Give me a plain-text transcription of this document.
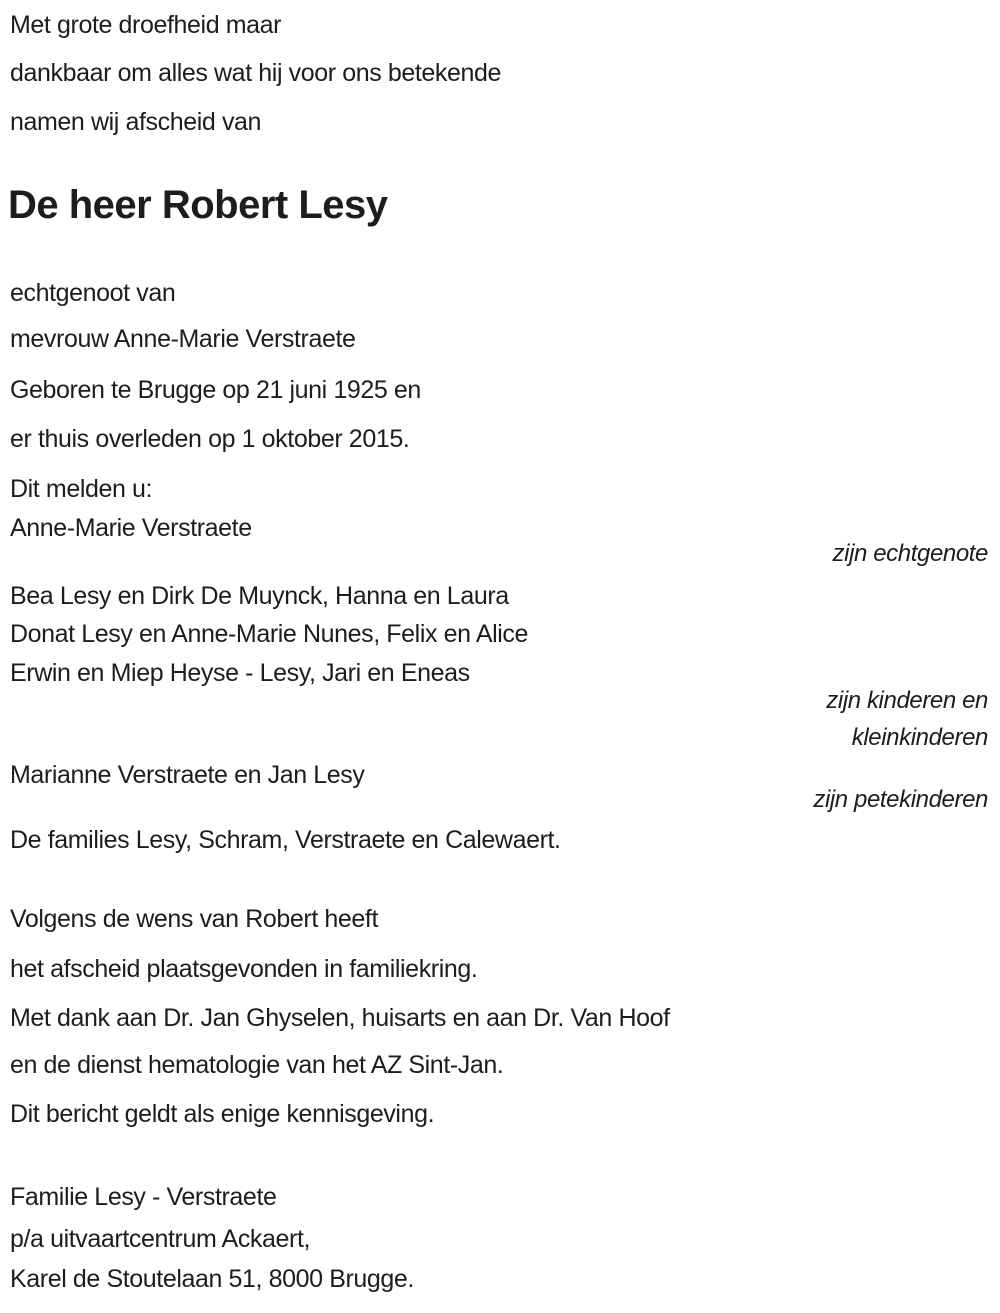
Met grote droefheid maar
dankbaar om alles wat hij voor ons betekende
namen wij afscheid van
De heer Robert Lesy
echtgenoot van
mevrouw Anne-Marie Verstraete
Geboren te Brugge op 21 juni 1925 en
er thuis overleden op 1 oktober 2015.
Dit melden u:
Anne-Marie Verstraete
zijn echtgenote
Bea Lesy en Dirk De Muynck, Hanna en Laura
Donat Lesy en Anne-Marie Nunes, Felix en Alice
Erwin en Miep Heyse - Lesy, Jari en Eneas
zijn kinderen en
kleinkinderen
Marianne Verstraete en Jan Lesy
zijn petekinderen
De families Lesy, Schram, Verstraete en Calewaert.
Volgens de wens van Robert heeft
het afscheid plaatsgevonden in familiekring.
Met dank aan Dr. Jan Ghyselen, huisarts en aan Dr. Van Hoof
en de dienst hematologie van het AZ Sint-Jan.
Dit bericht geldt als enige kennisgeving.
Familie Lesy - Verstraete
p/a uitvaartcentrum Ackaert,
Karel de Stoutelaan 51, 8000 Brugge.
